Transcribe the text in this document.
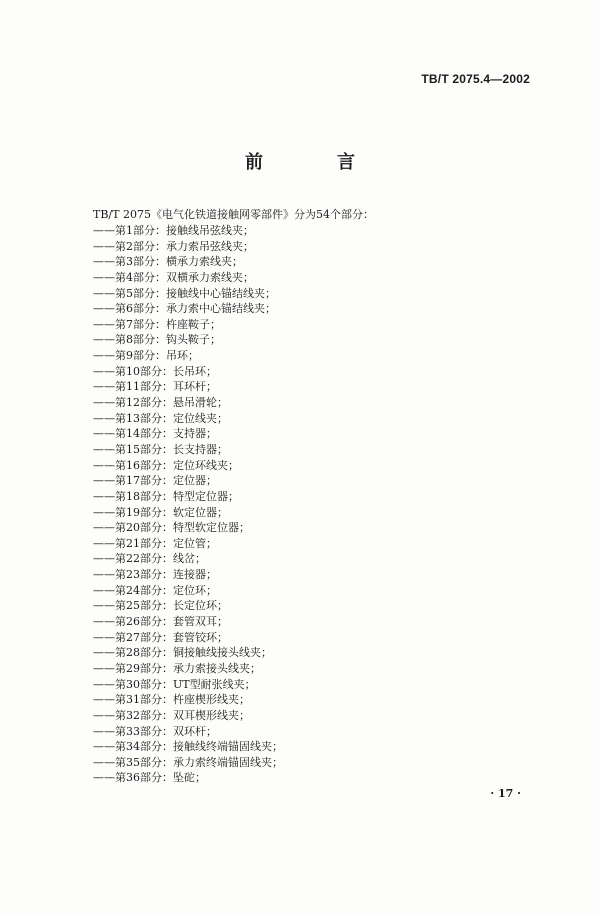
TB/T 2075.4—2002
前　言
TB/T 2075《电气化铁道接触网零部件》分为54个部分：
——第1部分：接触线吊弦线夹；
——第2部分：承力索吊弦线夹；
——第3部分：横承力索线夹；
——第4部分：双横承力索线夹；
——第5部分：接触线中心锚结线夹；
——第6部分：承力索中心锚结线夹；
——第7部分：杵座鞍子；
——第8部分：钩头鞍子；
——第9部分：吊环；
——第10部分：长吊环；
——第11部分：耳环杆；
——第12部分：悬吊滑轮；
——第13部分：定位线夹；
——第14部分：支持器；
——第15部分：长支持器；
——第16部分：定位环线夹；
——第17部分：定位器；
——第18部分：特型定位器；
——第19部分：软定位器；
——第20部分：特型软定位器；
——第21部分：定位管；
——第22部分：线岔；
——第23部分：连接器；
——第24部分：定位环；
——第25部分：长定位环；
——第26部分：套管双耳；
——第27部分：套管铰环；
——第28部分：铜接触线接头线夹；
——第29部分：承力索接头线夹；
——第30部分：UT型耐张线夹；
——第31部分：杵座楔形线夹；
——第32部分：双耳楔形线夹；
——第33部分：双环杆；
——第34部分：接触线终端锚固线夹；
——第35部分：承力索终端锚固线夹；
——第36部分：坠砣；
· 17 ·
